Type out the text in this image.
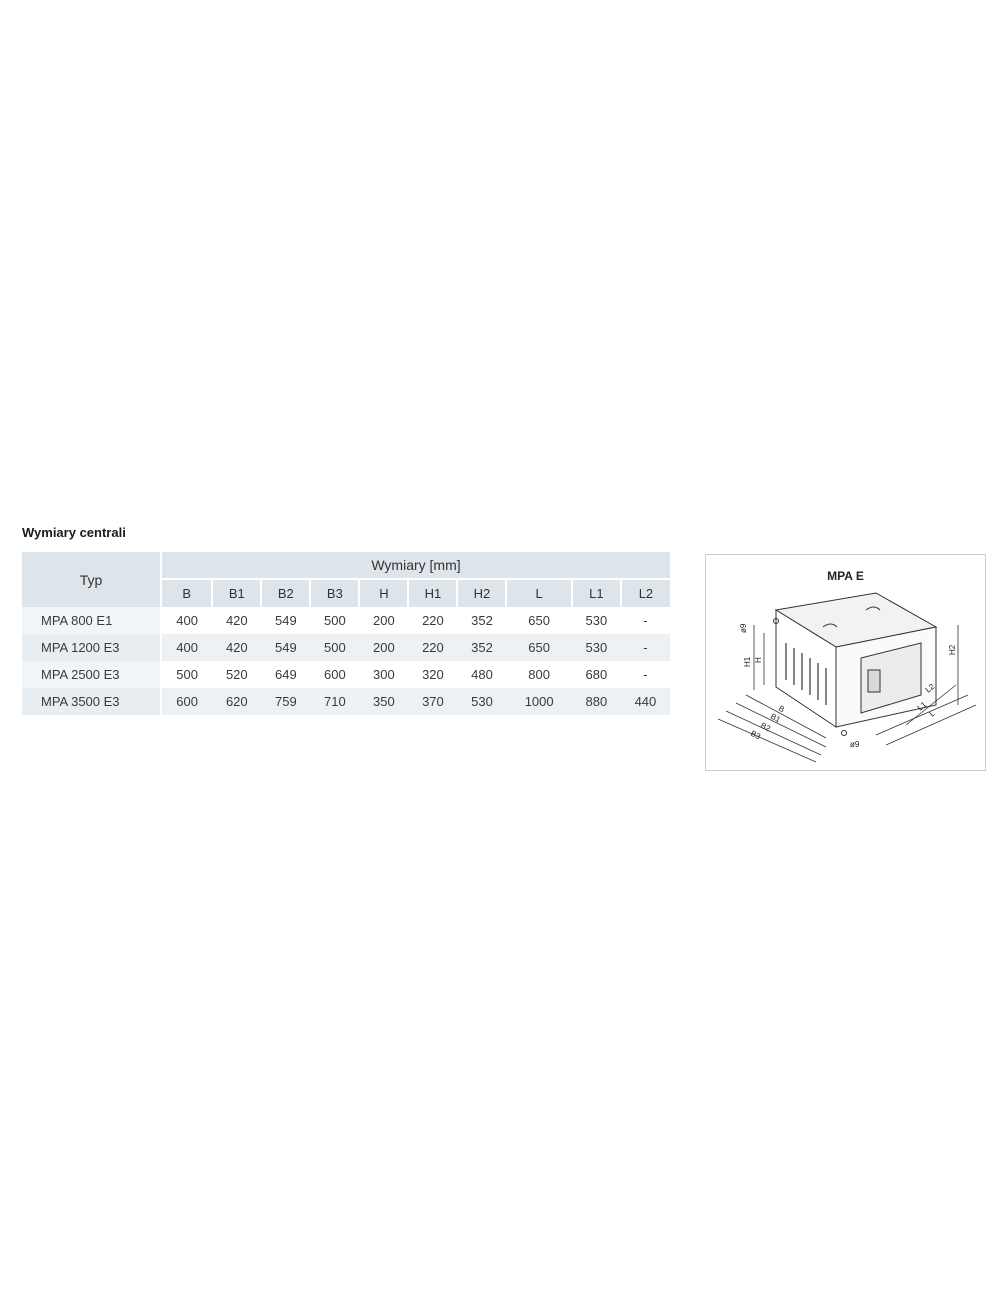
Wymiary centrali
Typ	Wymiary [mm]									
	B	B1	B2	B3	H	H1	H2	L	L1	L2
MPA 800 E1	400	420	549	500	200	220	352	650	530	-
MPA 1200 E3	400	420	549	500	200	220	352	650	530	-
MPA 2500 E3	500	520	649	600	300	320	480	800	680	-
MPA 3500 E3	600	620	759	710	350	370	530	1000	880	440
MPA E
ø9
H1 H
H2
B
B1
B2
B3
L2
L1
L
ø9
